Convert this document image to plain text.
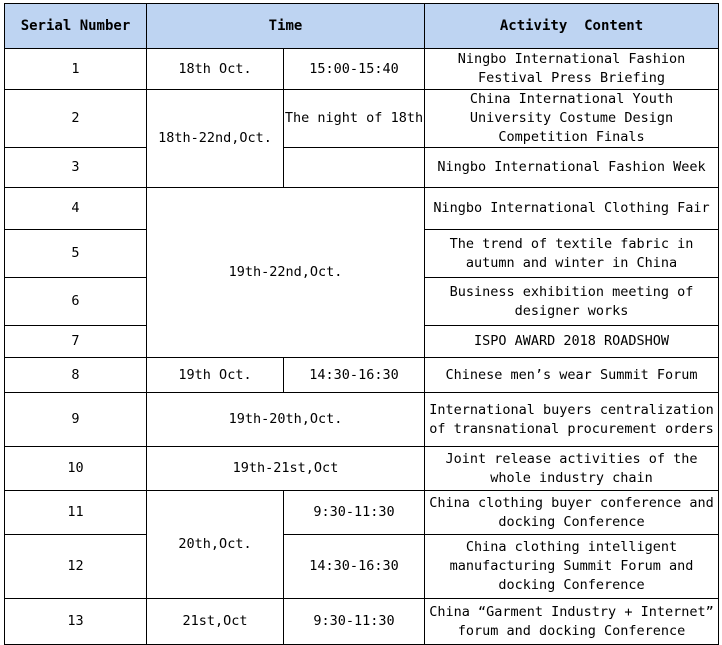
Serial Number	Time		Activity  Content
1	18th Oct.	15:00-15:40	Ningbo International Fashion Festival Press Briefing
2	18th-22nd,Oct.	The night of 18th	China International Youth University Costume Design Competition Finals
3			Ningbo International Fashion Week
4	19th-22nd,Oct.		Ningbo International Clothing Fair
5			The trend of textile fabric in autumn and winter in China
6			Business exhibition meeting of designer works
7			ISPO AWARD 2018 ROADSHOW
8	19th Oct.	14:30-16:30	Chinese men’s wear Summit Forum
9	19th-20th,Oct.		International buyers centralization of transnational procurement orders
10	19th-21st,Oct		Joint release activities of the whole industry chain
11	20th,Oct.	9:30-11:30	China clothing buyer conference and docking Conference
12		14:30-16:30	China clothing intelligent manufacturing Summit Forum and docking Conference
13	21st,Oct	9:30-11:30	China “Garment Industry + Internet” forum and docking Conference
